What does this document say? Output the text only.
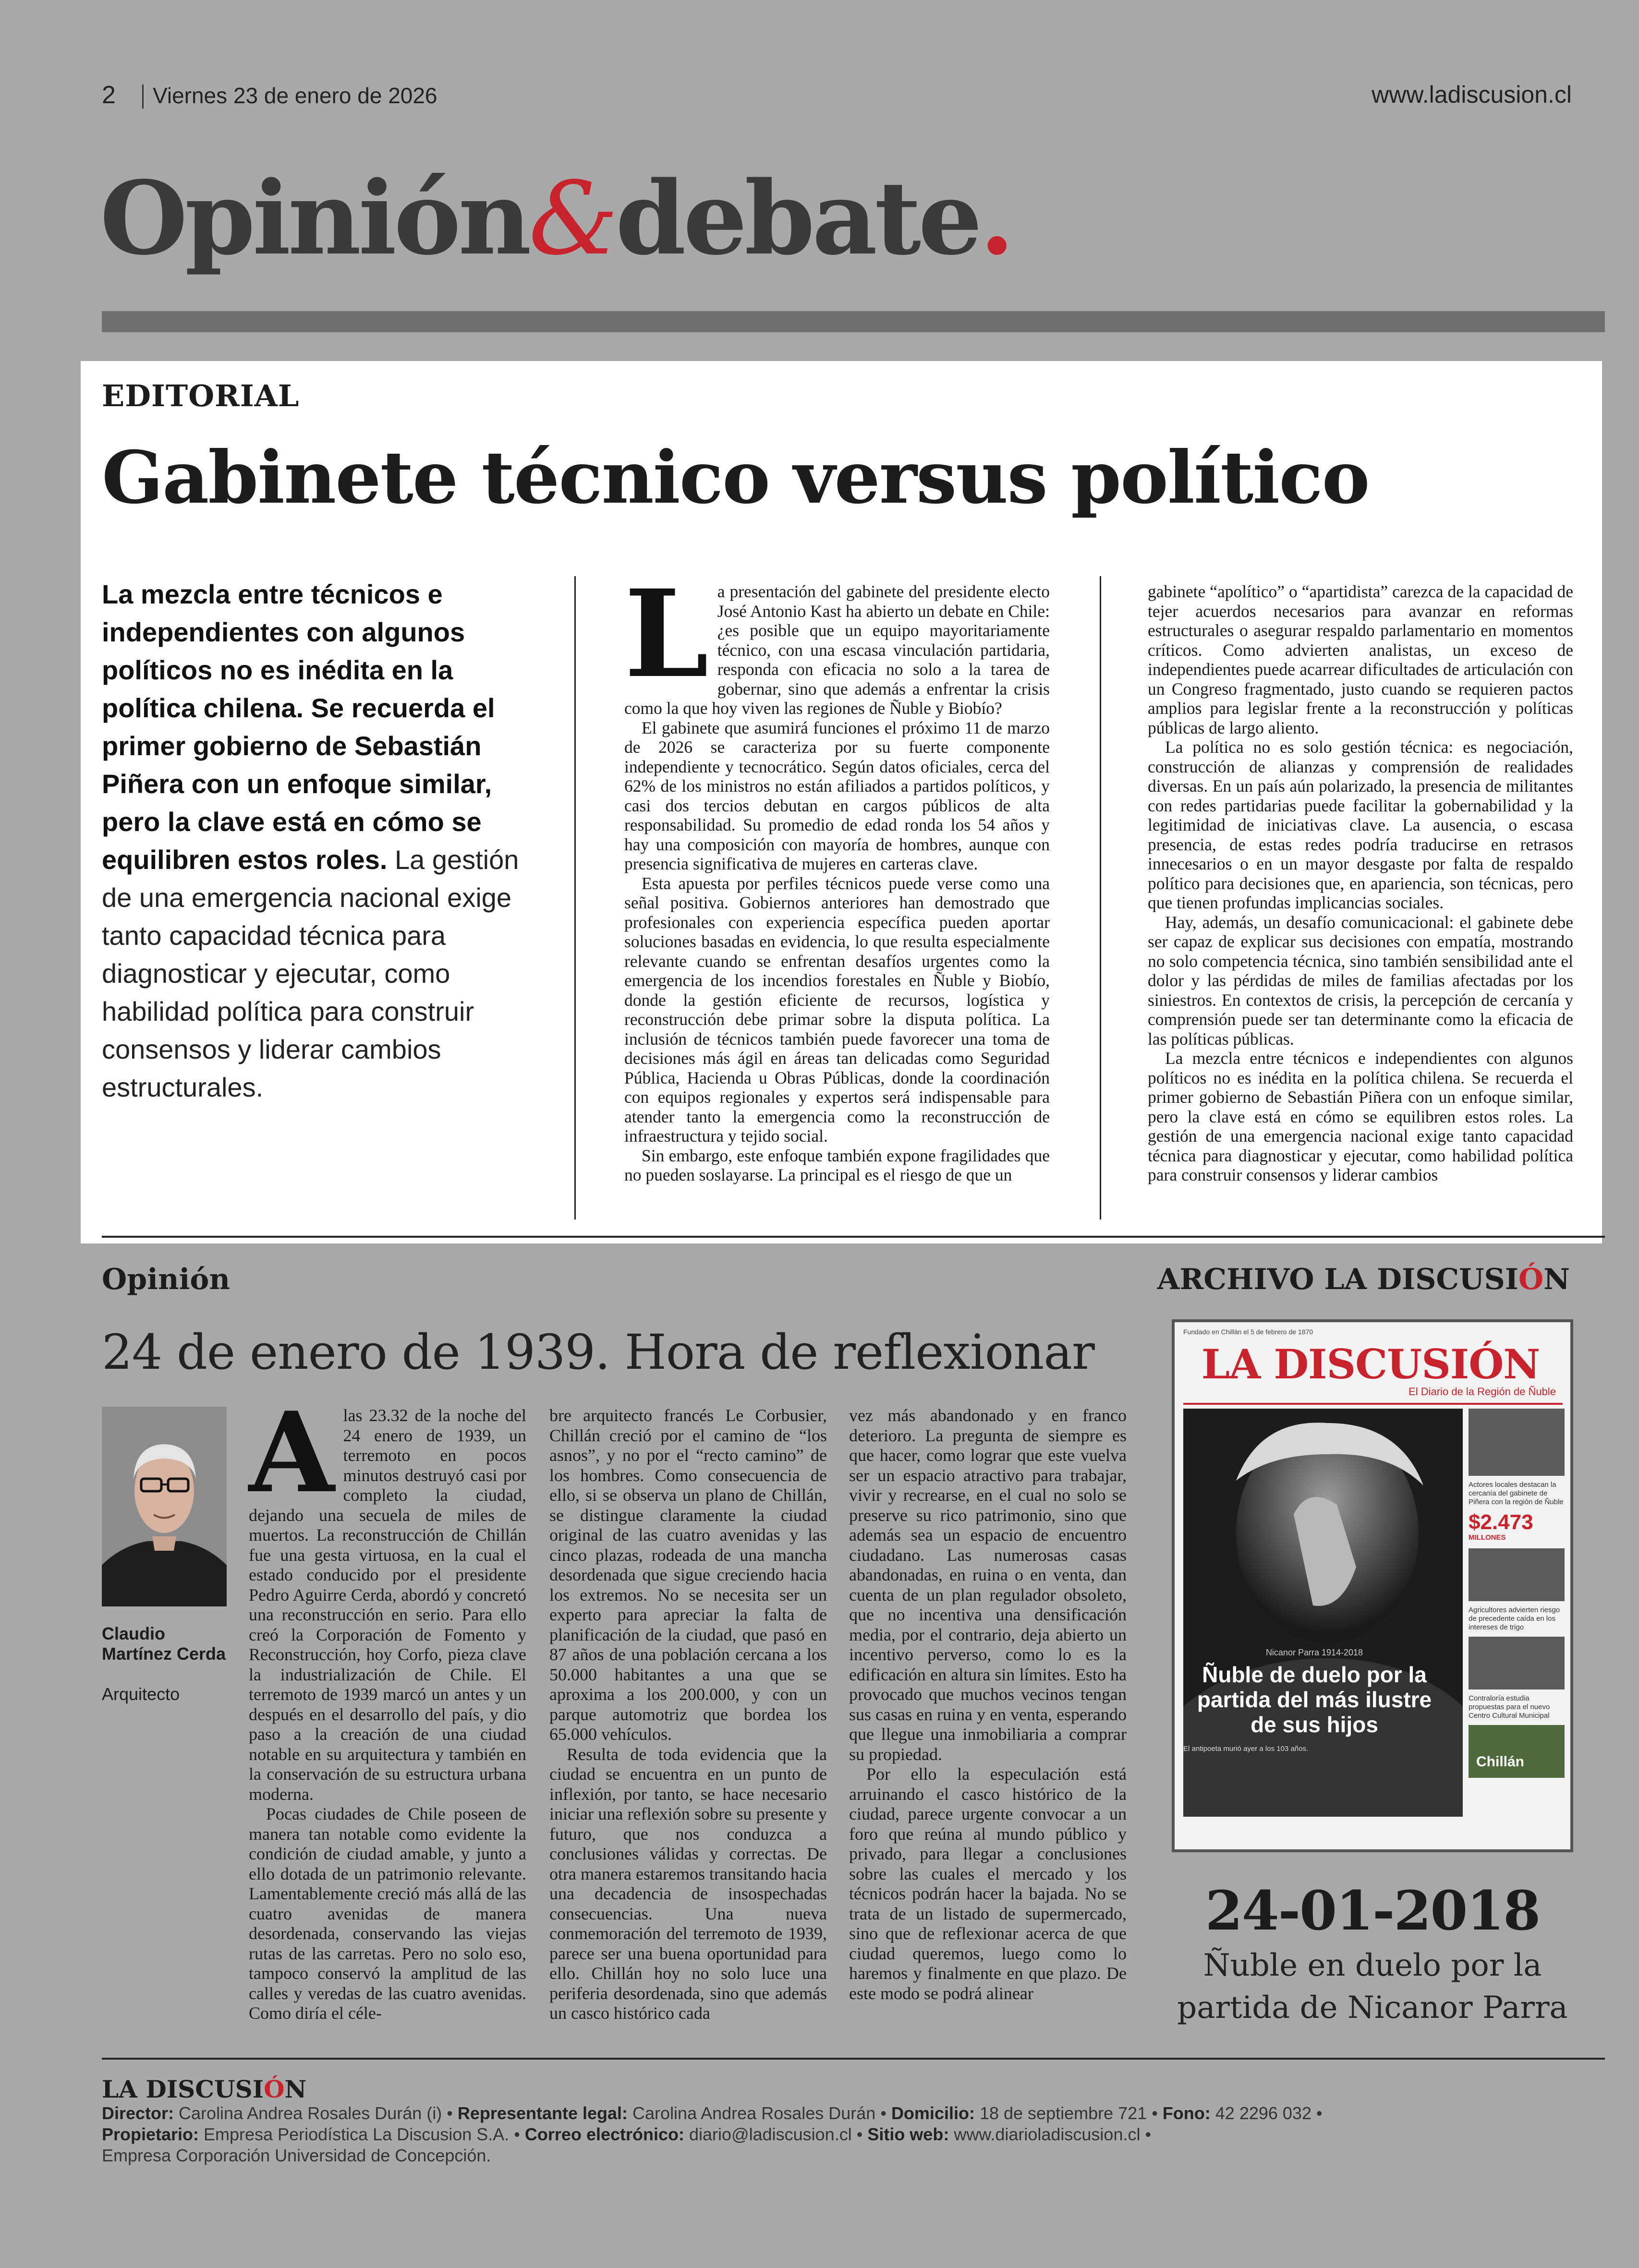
2 Viernes 23 de enero de 2026	www.ladiscusion.cl
Opinión&debate.
EDITORIAL
Gabinete técnico versus político
La mezcla entre técnicos e independientes con algunos políticos no es inédita en la política chilena. Se recuerda el primer gobierno de Sebastián Piñera con un enfoque similar, pero la clave está en cómo se equilibren estos roles. La gestión de una emergencia nacional exige tanto capacidad técnica para diagnosticar y ejecutar, como habilidad política para construir consensos y liderar cambios estructurales.

La presentación del gabinete del presidente electo José Antonio Kast ha abierto un debate en Chile: ¿es posible que un equipo mayoritariamente técnico, con una escasa vinculación partidaria, responda con eficacia no solo a la tarea de gobernar, sino que además a enfrentar la crisis como la que hoy viven las regiones de Ñuble y Biobío?

El gabinete que asumirá funciones el próximo 11 de marzo de 2026 se caracteriza por su fuerte componente independiente y tecnocrático. Según datos oficiales, cerca del 62% de los ministros no están afiliados a partidos políticos, y casi dos tercios debutan en cargos públicos de alta responsabilidad. Su promedio de edad ronda los 54 años y hay una composición con mayoría de hombres, aunque con presencia significativa de mujeres en carteras clave.

Esta apuesta por perfiles técnicos puede verse como una señal positiva. Gobiernos anteriores han demostrado que profesionales con experiencia específica pueden aportar soluciones basadas en evidencia, lo que resulta especialmente relevante cuando se enfrentan desafíos urgentes como la emergencia de los incendios forestales en Ñuble y Biobío, donde la gestión eficiente de recursos, logística y reconstrucción debe primar sobre la disputa política. La inclusión de técnicos también puede favorecer una toma de decisiones más ágil en áreas tan delicadas como Seguridad Pública, Hacienda u Obras Públicas, donde la coordinación con equipos regionales y expertos será indispensable para atender tanto la emergencia como la reconstrucción de infraestructura y tejido social.

Sin embargo, este enfoque también expone fragilidades que no pueden soslayarse. La principal es el riesgo de que un

gabinete “apolítico” o “apartidista” carezca de la capacidad de tejer acuerdos necesarios para avanzar en reformas estructurales o asegurar respaldo parlamentario en momentos críticos. Como advierten analistas, un exceso de independientes puede acarrear dificultades de articulación con un Congreso fragmentado, justo cuando se requieren pactos amplios para legislar frente a la reconstrucción y políticas públicas de largo aliento.

La política no es solo gestión técnica: es negociación, construcción de alianzas y comprensión de realidades diversas. En un país aún polarizado, la presencia de militantes con redes partidarias puede facilitar la gobernabilidad y la legitimidad de iniciativas clave. La ausencia, o escasa presencia, de estas redes podría traducirse en retrasos innecesarios o en un mayor desgaste por falta de respaldo político para decisiones que, en apariencia, son técnicas, pero que tienen profundas implicancias sociales.

Hay, además, un desafío comunicacional: el gabinete debe ser capaz de explicar sus decisiones con empatía, mostrando no solo competencia técnica, sino también sensibilidad ante el dolor y las pérdidas de miles de familias afectadas por los siniestros. En contextos de crisis, la percepción de cercanía y comprensión puede ser tan determinante como la eficacia de las políticas públicas.

La mezcla entre técnicos e independientes con algunos políticos no es inédita en la política chilena. Se recuerda el primer gobierno de Sebastián Piñera con un enfoque similar, pero la clave está en cómo se equilibren estos roles. La gestión de una emergencia nacional exige tanto capacidad técnica para diagnosticar y ejecutar, como habilidad política para construir consensos y liderar cambios

Opinión	ARCHIVO LA DISCUSIÓN
24 de enero de 1939. Hora de reflexionar
Claudio Martínez Cerda
Arquitecto

Alas 23.32 de la noche del 24 enero de 1939, un terremoto en pocos minutos destruyó casi por completo la ciudad, dejando una secuela de miles de muertos. La reconstrucción de Chillán fue una gesta virtuosa, en la cual el estado conducido por el presidente Pedro Aguirre Cerda, abordó y concretó una reconstrucción en serio. Para ello creó la Corporación de Fomento y Reconstrucción, hoy Corfo, pieza clave la industrialización de Chile. El terremoto de 1939 marcó un antes y un después en el desarrollo del país, y dio paso a la creación de una ciudad notable en su arquitectura y también en la conservación de su estructura urbana moderna.

Pocas ciudades de Chile poseen de manera tan notable como evidente la condición de ciudad amable, y junto a ello dotada de un patrimonio relevante. Lamentablemente creció más allá de las cuatro avenidas de manera desordenada, conservando las viejas rutas de las carretas. Pero no solo eso, tampoco conservó la amplitud de las calles y veredas de las cuatro avenidas. Como diría el céle-

bre arquitecto francés Le Corbusier, Chillán creció por el camino de “los asnos”, y no por el “recto camino” de los hombres. Como consecuencia de ello, si se observa un plano de Chillán, se distingue claramente la ciudad original de las cuatro avenidas y las cinco plazas, rodeada de una mancha desordenada que sigue creciendo hacia los extremos. No se necesita ser un experto para apreciar la falta de planificación de la ciudad, que pasó en 87 años de una población cercana a los 50.000 habitantes a una que se aproxima a los 200.000, y con un parque automotriz que bordea los 65.000 vehículos.

Resulta de toda evidencia que la ciudad se encuentra en un punto de inflexión, por tanto, se hace necesario iniciar una reflexión sobre su presente y futuro, que nos conduzca a conclusiones válidas y correctas. De otra manera estaremos transitando hacia una decadencia de insospechadas consecuencias. Una nueva conmemoración del terremoto de 1939, parece ser una buena oportunidad para ello. Chillán hoy no solo luce una periferia desordenada, sino que además un casco histórico cada

vez más abandonado y en franco deterioro. La pregunta de siempre es que hacer, como lograr que este vuelva ser un espacio atractivo para trabajar, vivir y recrearse, en el cual no solo se preserve su rico patrimonio, sino que además sea un espacio de encuentro ciudadano. Las numerosas casas abandonadas, en ruina o en venta, dan cuenta de un plan regulador obsoleto, que no incentiva una densificación media, por el contrario, deja abierto un incentivo perverso, como lo es la edificación en altura sin límites. Esto ha provocado que muchos vecinos tengan sus casas en ruina y en venta, esperando que llegue una inmobiliaria a comprar su propiedad.

Por ello la especulación está arruinando el casco histórico de la ciudad, parece urgente convocar a un foro que reúna al mundo público y privado, para llegar a conclusiones sobre las cuales el mercado y los técnicos podrán hacer la bajada. No se trata de un listado de supermercado, sino que de reflexionar acerca de que ciudad queremos, luego como lo haremos y finalmente en que plazo. De este modo se podrá alinear

Fundado en Chillán el 5 de febrero de 1870
LA DISCUSIÓN
El Diario de la Región de Ñuble
Nicanor Parra 1914-2018
Ñuble de duelo por la partida del más ilustre de sus hijos
El antipoeta murió ayer a los 103 años.
Actores locales destacan la cercanía del gabinete de Piñera con la región de Ñuble
$2.473
MILLONES
Agricultores advierten riesgo de precedente caída en los intereses de trigo
Contraloría estudia propuestas para el nuevo Centro Cultural Municipal
Chillán
24-01-2018
Ñuble en duelo por la partida de Nicanor Parra
LA DISCUSIÓN
Director: Carolina Andrea Rosales Durán (i) • Representante legal: Carolina Andrea Rosales Durán • Domicilio: 18 de septiembre 721 • Fono: 42 2296 032 •
Propietario: Empresa Periodística La Discusion S.A. • Correo electrónico: diario@ladiscusion.cl • Sitio web: www.diarioladiscusion.cl •
Empresa Corporación Universidad de Concepción.
